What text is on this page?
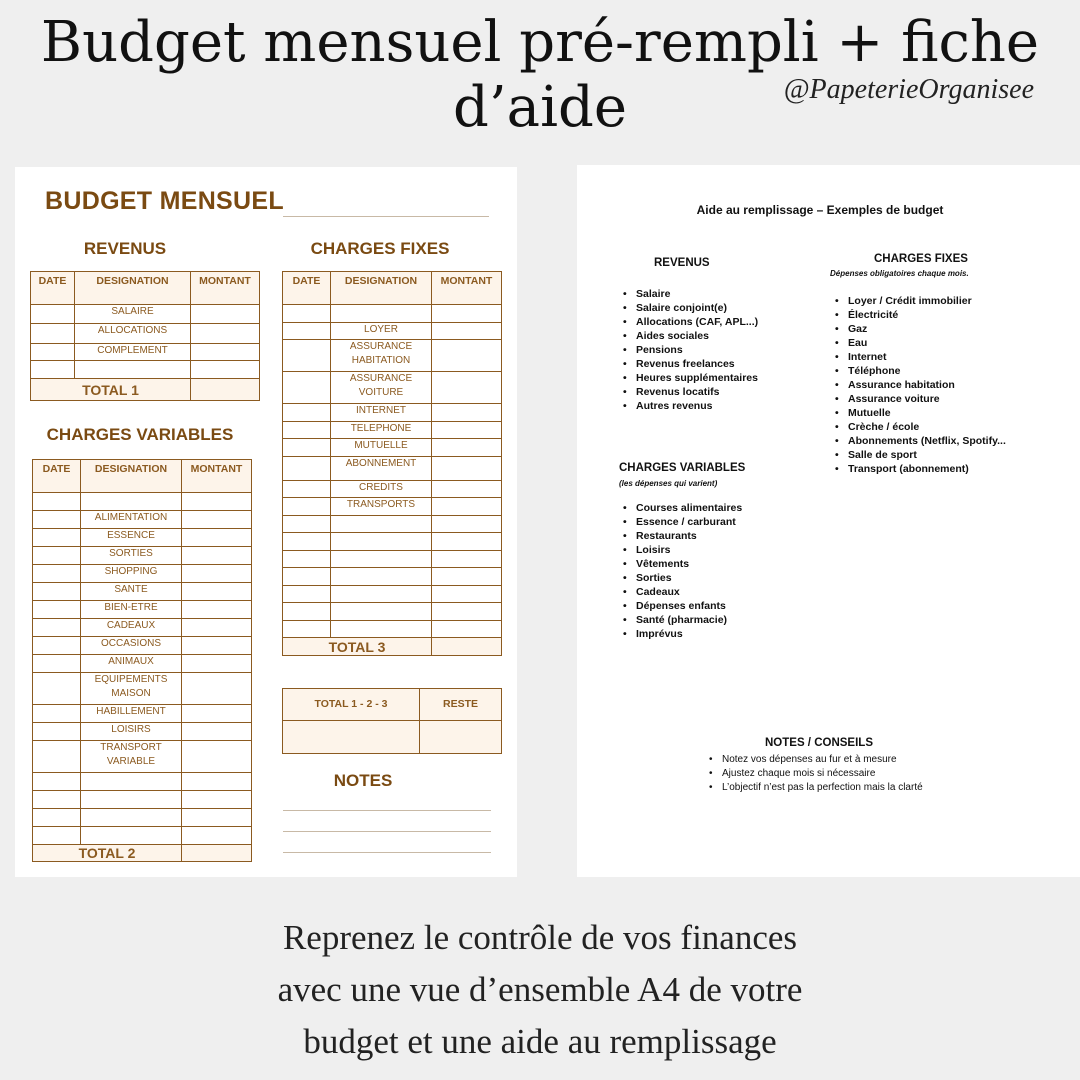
Budget mensuel pré-rempli + fiche d’aide	@PapeterieOrganisee
BUDGET MENSUEL
REVENUS	CHARGES FIXES
CHARGES VARIABLES
DATE	DESIGNATION	MONTANT
	SALAIRE	
	ALLOCATIONS	
	COMPLEMENT	

TOTAL 1		
DATE	DESIGNATION	MONTANT

	ALIMENTATION	
	ESSENCE	
	SORTIES	
	SHOPPING	
	SANTE	
	BIEN-ETRE	
	CADEAUX	
	OCCASIONS	
	ANIMAUX	
	EQUIPEMENTS MAISON	
	HABILLEMENT	
	LOISIRS	
	TRANSPORT VARIABLE	

TOTAL 2		
DATE	DESIGNATION	MONTANT

	LOYER	
	ASSURANCE HABITATION	
	ASSURANCE VOITURE	
	INTERNET	
	TELEPHONE	
	MUTUELLE	
	ABONNEMENT	
	CREDITS	
	TRANSPORTS	

TOTAL 3		
TOTAL 1 - 2 - 3	RESTE

NOTES
Aide au remplissage – Exemples de budget
REVENUS
• Salaire
• Salaire conjoint(e)
• Allocations (CAF, APL...)
• Aides sociales
• Pensions
• Revenus freelances
• Heures supplémentaires
• Revenus locatifs
• Autres revenus
CHARGES FIXES
Dépenses obligatoires chaque mois.
• Loyer / Crédit immobilier
• Électricité
• Gaz
• Eau
• Internet
• Téléphone
• Assurance habitation
• Assurance voiture
• Mutuelle
• Crèche / école
• Abonnements (Netflix, Spotify...
• Salle de sport
• Transport (abonnement)
CHARGES VARIABLES
(les dépenses qui varient)
• Courses alimentaires
• Essence / carburant
• Restaurants
• Loisirs
• Vêtements
• Sorties
• Cadeaux
• Dépenses enfants
• Santé (pharmacie)
• Imprévus
NOTES / CONSEILS
• Notez vos dépenses au fur et à mesure
• Ajustez chaque mois si nécessaire
• L’objectif n’est pas la perfection mais la clarté
Reprenez le contrôle de vos finances
avec une vue d’ensemble A4 de votre
budget et une aide au remplissage
